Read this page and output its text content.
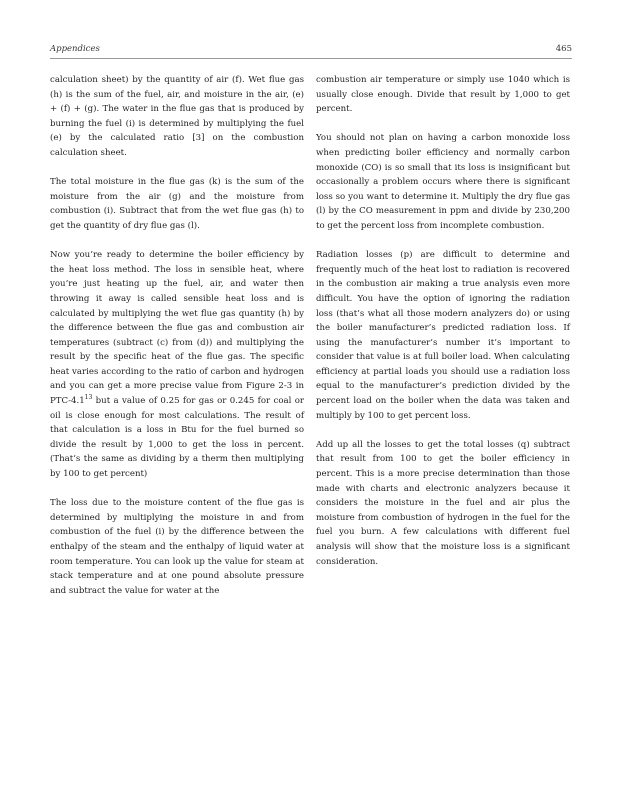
Appendices	465

calculation sheet) by the quantity of air (f). Wet flue gas (h) is the sum of the fuel, air, and moisture in the air, (e) + (f) + (g). The water in the flue gas that is produced by burning the fuel (i) is determined by multiplying the fuel (e) by the calculated ratio [3] on the combustion calculation sheet.

The total moisture in the flue gas (k) is the sum of the moisture from the air (g) and the moisture from combustion (i). Subtract that from the wet flue gas (h) to get the quantity of dry flue gas (l).

Now you’re ready to determine the boiler efficiency by the heat loss method. The loss in sensible heat, where you’re just heating up the fuel, air, and water then throwing it away is called sensible heat loss and is calculated by multiplying the wet flue gas quantity (h) by the difference between the flue gas and combustion air temperatures (subtract (c) from (d)) and multiplying the result by the specific heat of the flue gas. The specific heat varies according to the ratio of carbon and hydrogen and you can get a more precise value from Figure 2-3 in PTC-$4.1^{13}$ but a value of 0.25 for gas or 0.245 for coal or oil is close enough for most calculations. The result of that calculation is a loss in Btu for the fuel burned so divide the result by 1,000 to get the loss in percent. (That’s the same as dividing by a therm then multiplying by 100 to get percent)

The loss due to the moisture content of the flue gas is determined by multiplying the moisture in and from combustion of the fuel (i) by the difference between the enthalpy of the steam and the enthalpy of liquid water at room temperature. You can look up the value for steam at stack temperature and at one pound absolute pressure and subtract the value for water at the

combustion air temperature or simply use 1040 which is usually close enough. Divide that result by 1,000 to get percent.

You should not plan on having a carbon monoxide loss when predicting boiler efficiency and normally carbon monoxide (CO) is so small that its loss is insignificant but occasionally a problem occurs where there is significant loss so you want to determine it. Multiply the dry flue gas (l) by the CO measurement in ppm and divide by 230,200 to get the percent loss from incomplete combustion.

Radiation losses (p) are difficult to determine and frequently much of the heat lost to radiation is recovered in the combustion air making a true analysis even more difficult. You have the option of ignoring the radiation loss (that’s what all those modern analyzers do) or using the boiler manufacturer’s predicted radiation loss. If using the manufacturer’s number it’s important to consider that value is at full boiler load. When calculating efficiency at partial loads you should use a radiation loss equal to the manufacturer’s prediction divided by the percent load on the boiler when the data was taken and multiply by 100 to get percent loss.

Add up all the losses to get the total losses (q) subtract that result from 100 to get the boiler efficiency in percent. This is a more precise determination than those made with charts and electronic analyzers because it considers the moisture in the fuel and air plus the moisture from combustion of hydrogen in the fuel for the fuel you burn. A few calculations with different fuel analysis will show that the moisture loss is a significant consideration.
